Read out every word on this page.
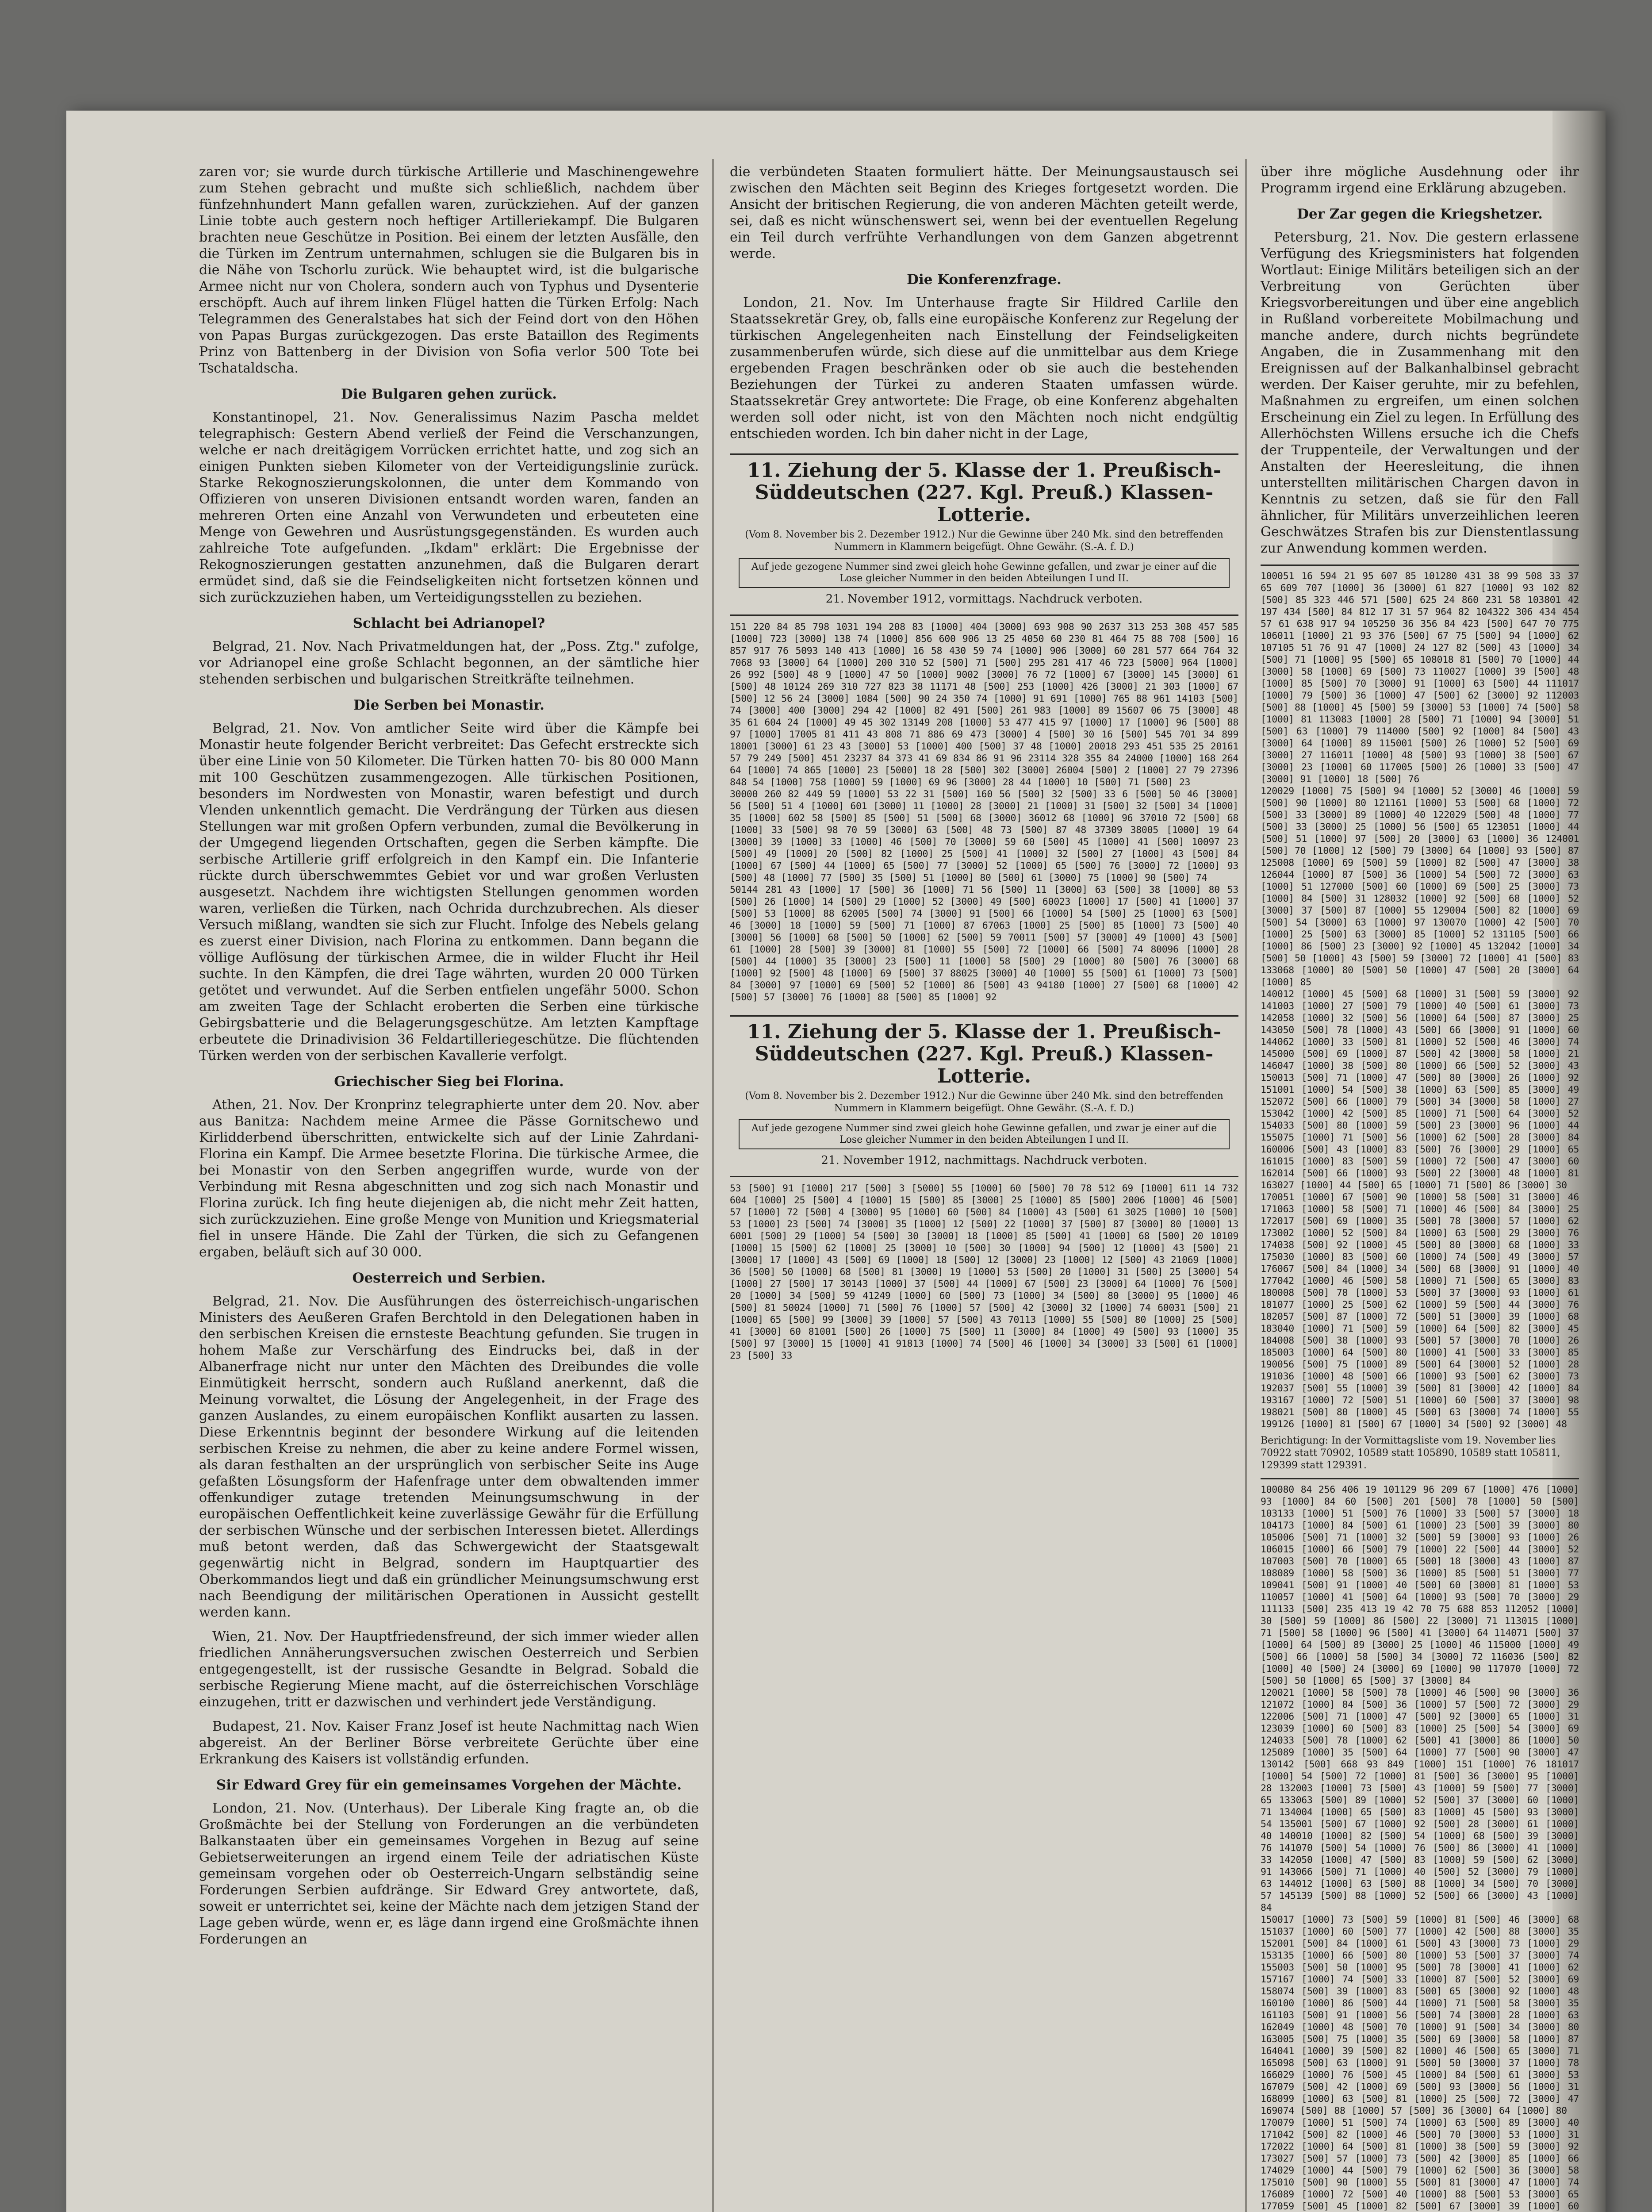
zaren vor; sie wurde durch türkische Artillerie und Maschinengewehre zum Stehen gebracht und mußte sich schließlich, nachdem über fünfzehnhundert Mann gefallen waren, zurückziehen. Auf der ganzen Linie tobte auch gestern noch heftiger Artilleriekampf. Die Bulgaren brachten neue Geschütze in Position. Bei einem der letzten Ausfälle, den die Türken im Zentrum unternahmen, schlugen sie die Bulgaren bis in die Nähe von Tschorlu zurück. Wie behauptet wird, ist die bulgarische Armee nicht nur von Cholera, sondern auch von Typhus und Dysenterie erschöpft. Auch auf ihrem linken Flügel hatten die Türken Erfolg: Nach Telegrammen des Generalstabes hat sich der Feind dort von den Höhen von Papas Burgas zurückgezogen. Das erste Bataillon des Regiments Prinz von Battenberg in der Division von Sofia verlor 500 Tote bei Tschataldscha.

Die Bulgaren gehen zurück.

Konstantinopel, 21. Nov. Generalissimus Nazim Pascha meldet telegraphisch: Gestern Abend verließ der Feind die Verschanzungen, welche er nach dreitägigem Vorrücken errichtet hatte, und zog sich an einigen Punkten sieben Kilometer von der Verteidigungslinie zurück. Starke Rekognoszierungskolonnen, die unter dem Kommando von Offizieren von unseren Divisionen entsandt worden waren, fanden an mehreren Orten eine Anzahl von Verwundeten und erbeuteten eine Menge von Gewehren und Ausrüstungsgegenständen. Es wurden auch zahlreiche Tote aufgefunden. „Ikdam" erklärt: Die Ergebnisse der Rekognoszierungen gestatten anzunehmen, daß die Bulgaren derart ermüdet sind, daß sie die Feindseligkeiten nicht fortsetzen können und sich zurückzuziehen haben, um Verteidigungsstellen zu beziehen.

Schlacht bei Adrianopel?

Belgrad, 21. Nov. Nach Privatmeldungen hat, der „Poss. Ztg." zufolge, vor Adrianopel eine große Schlacht begonnen, an der sämtliche hier stehenden serbischen und bulgarischen Streitkräfte teilnehmen.

Die Serben bei Monastir.

Belgrad, 21. Nov. Von amtlicher Seite wird über die Kämpfe bei Monastir heute folgender Bericht verbreitet: Das Gefecht erstreckte sich über eine Linie von 50 Kilometer. Die Türken hatten 70- bis 80 000 Mann mit 100 Geschützen zusammengezogen. Alle türkischen Positionen, besonders im Nordwesten von Monastir, waren befestigt und durch Vlenden unkenntlich gemacht. Die Verdrängung der Türken aus diesen Stellungen war mit großen Opfern verbunden, zumal die Bevölkerung in der Umgegend liegenden Ortschaften, gegen die Serben kämpfte. Die serbische Artillerie griff erfolgreich in den Kampf ein. Die Infanterie rückte durch überschwemmtes Gebiet vor und war großen Verlusten ausgesetzt. Nachdem ihre wichtigsten Stellungen genommen worden waren, verließen die Türken, nach Ochrida durchzubrechen. Als dieser Versuch mißlang, wandten sie sich zur Flucht. Infolge des Nebels gelang es zuerst einer Division, nach Florina zu entkommen. Dann begann die völlige Auflösung der türkischen Armee, die in wilder Flucht ihr Heil suchte. In den Kämpfen, die drei Tage währten, wurden 20 000 Türken getötet und verwundet. Auf die Serben entfielen ungefähr 5000. Schon am zweiten Tage der Schlacht eroberten die Serben eine türkische Gebirgsbatterie und die Belagerungsgeschütze. Am letzten Kampftage erbeutete die Drinadivision 36 Feldartilleriegeschütze. Die flüchtenden Türken werden von der serbischen Kavallerie verfolgt.

Griechischer Sieg bei Florina.

Athen, 21. Nov. Der Kronprinz telegraphierte unter dem 20. Nov. aber aus Banitza: Nachdem meine Armee die Pässe Gornitschewo und Kirlidderbend überschritten, entwickelte sich auf der Linie Zahrdani-Florina ein Kampf. Die Armee besetzte Florina. Die türkische Armee, die bei Monastir von den Serben angegriffen wurde, wurde von der Verbindung mit Resna abgeschnitten und zog sich nach Monastir und Florina zurück. Ich fing heute diejenigen ab, die nicht mehr Zeit hatten, sich zurückzuziehen. Eine große Menge von Munition und Kriegsmaterial fiel in unsere Hände. Die Zahl der Türken, die sich zu Gefangenen ergaben, beläuft sich auf 30 000.

Oesterreich und Serbien.

Belgrad, 21. Nov. Die Ausführungen des österreichisch-ungarischen Ministers des Aeußeren Grafen Berchtold in den Delegationen haben in den serbischen Kreisen die ernsteste Beachtung gefunden. Sie trugen in hohem Maße zur Verschärfung des Eindrucks bei, daß in der Albanerfrage nicht nur unter den Mächten des Dreibundes die volle Einmütigkeit herrscht, sondern auch Rußland anerkennt, daß die Meinung vorwaltet, die Lösung der Angelegenheit, in der Frage des ganzen Auslandes, zu einem europäischen Konflikt ausarten zu lassen. Diese Erkenntnis beginnt der besondere Wirkung auf die leitenden serbischen Kreise zu nehmen, die aber zu keine andere Formel wissen, als daran festhalten an der ursprünglich von serbischer Seite ins Auge gefaßten Lösungsform der Hafenfrage unter dem obwaltenden immer offenkundiger zutage tretenden Meinungsumschwung in der europäischen Oeffentlichkeit keine zuverlässige Gewähr für die Erfüllung der serbischen Wünsche und der serbischen Interessen bietet. Allerdings muß betont werden, daß das Schwergewicht der Staatsgewalt gegenwärtig nicht in Belgrad, sondern im Hauptquartier des Oberkommandos liegt und daß ein gründlicher Meinungsumschwung erst nach Beendigung der militärischen Operationen in Aussicht gestellt werden kann.

Wien, 21. Nov. Der Hauptfriedensfreund, der sich immer wieder allen friedlichen Annäherungsversuchen zwischen Oesterreich und Serbien entgegengestellt, ist der russische Gesandte in Belgrad. Sobald die serbische Regierung Miene macht, auf die österreichischen Vorschläge einzugehen, tritt er dazwischen und verhindert jede Verständigung.

Budapest, 21. Nov. Kaiser Franz Josef ist heute Nachmittag nach Wien abgereist. An der Berliner Börse verbreitete Gerüchte über eine Erkrankung des Kaisers ist vollständig erfunden.

Sir Edward Grey für ein gemeinsames Vorgehen der Mächte.

London, 21. Nov. (Unterhaus). Der Liberale King fragte an, ob die Großmächte bei der Stellung von Forderungen an die verbündeten Balkanstaaten über ein gemeinsames Vorgehen in Bezug auf seine Gebietserweiterungen an irgend einem Teile der adriatischen Küste gemeinsam vorgehen oder ob Oesterreich-Ungarn selbständig seine Forderungen Serbien aufdränge. Sir Edward Grey antwortete, daß, soweit er unterrichtet sei, keine der Mächte nach dem jetzigen Stand der Lage geben würde, wenn er, es läge dann irgend eine Großmächte ihnen Forderungen an

die verbündeten Staaten formuliert hätte. Der Meinungsaustausch sei zwischen den Mächten seit Beginn des Krieges fortgesetzt worden. Die Ansicht der britischen Regierung, die von anderen Mächten geteilt werde, sei, daß es nicht wünschenswert sei, wenn bei der eventuellen Regelung ein Teil durch verfrühte Verhandlungen von dem Ganzen abgetrennt werde.

Die Konferenzfrage.

London, 21. Nov. Im Unterhause fragte Sir Hildred Carlile den Staatssekretär Grey, ob, falls eine europäische Konferenz zur Regelung der türkischen Angelegenheiten nach Einstellung der Feindseligkeiten zusammenberufen würde, sich diese auf die unmittelbar aus dem Kriege ergebenden Fragen beschränken oder ob sie auch die bestehenden Beziehungen der Türkei zu anderen Staaten umfassen würde. Staatssekretär Grey antwortete: Die Frage, ob eine Konferenz abgehalten werden soll oder nicht, ist von den Mächten noch nicht endgültig entschieden worden. Ich bin daher nicht in der Lage,

11. Ziehung der 5. Klasse der 1. Preußisch-Süddeutschen (227. Kgl. Preuß.) Klassen-Lotterie.
(Vom 8. November bis 2. Dezember 1912.) Nur die Gewinne über 240 Mk. sind den betreffenden Nummern in Klammern beigefügt. Ohne Gewähr. (S.-A. f. D.)
Auf jede gezogene Nummer sind zwei gleich hohe Gewinne gefallen, und zwar je einer auf die Lose gleicher Nummer in den beiden Abteilungen I und II.
21. November 1912, vormittags. Nachdruck verboten.
151 220 84 85 798 1031 194 208 83 [1000] 404 [3000] 693 908 90 2637 313 253 308 457 585 [1000] 723 [3000] 138 74 [1000] 856 600 906 13 25 4050 60 230 81 464 75 88 708 [500] 16 857 917 76 5093 140 413 [1000] 16 58 430 59 74 [1000] 906 [3000] 60 281 577 664 764 32 7068 93 [3000] 64 [1000] 200 310 52 [500] 71 [500] 295 281 417 46 723 [5000] 964 [1000] 26 992 [500] 48 9 [1000] 47 50 [1000] 9002 [3000] 76 72 [1000] 67 [3000] 145 [3000] 61 [500] 48 10124 269 310 727 823 38 11171 48 [500] 253 [1000] 426 [3000] 21 303 [1000] 67 [500] 12 56 24 [3000] 1084 [500] 90 24 350 74 [1000] 91 691 [1000] 765 88 961 14103 [500] 74 [3000] 400 [3000] 294 42 [1000] 82 491 [500] 261 983 [1000] 89 15607 06 75 [3000] 48 35 61 604 24 [1000] 49 45 302 13149 208 [1000] 53 477 415 97 [1000] 17 [1000] 96 [500] 88 97 [1000] 17005 81 411 43 808 71 886 69 473 [3000] 4 [500] 30 16 [500] 545 701 34 899 18001 [3000] 61 23 43 [3000] 53 [1000] 400 [500] 37 48 [1000] 20018 293 451 535 25 20161 57 79 249 [500] 451 23237 84 373 41 69 834 86 91 96 23114 328 355 84 24000 [1000] 168 264 64 [1000] 74 865 [1000] 23 [5000] 18 28 [500] 302 [3000] 26004 [500] 2 [1000] 27 79 27396 848 54 [1000] 758 [1000] 59 [1000] 69 96 [3000] 28 44 [1000] 10 [500] 71 [500] 23
30000 260 82 449 59 [1000] 53 22 31 [500] 160 56 [500] 32 [500] 33 6 [500] 50 46 [3000] 56 [500] 51 4 [1000] 601 [3000] 11 [1000] 28 [3000] 21 [1000] 31 [500] 32 [500] 34 [1000] 35 [1000] 602 58 [500] 85 [500] 51 [500] 68 [3000] 36012 68 [1000] 96 37010 72 [500] 68 [1000] 33 [500] 98 70 59 [3000] 63 [500] 48 73 [500] 87 48 37309 38005 [1000] 19 64 [3000] 39 [1000] 33 [1000] 46 [500] 70 [3000] 59 60 [500] 45 [1000] 41 [500] 10097 23 [500] 49 [1000] 20 [500] 82 [1000] 25 [500] 41 [1000] 32 [500] 27 [1000] 43 [500] 84 [1000] 67 [500] 44 [1000] 65 [500] 77 [3000] 52 [1000] 65 [500] 76 [3000] 72 [1000] 93 [500] 48 [1000] 77 [500] 35 [500] 51 [1000] 80 [500] 61 [3000] 75 [1000] 90 [500] 74
50144 281 43 [1000] 17 [500] 36 [1000] 71 56 [500] 11 [3000] 63 [500] 38 [1000] 80 53 [500] 26 [1000] 14 [500] 29 [1000] 52 [3000] 49 [500] 60023 [1000] 17 [500] 41 [1000] 37 [500] 53 [1000] 88 62005 [500] 74 [3000] 91 [500] 66 [1000] 54 [500] 25 [1000] 63 [500] 46 [3000] 18 [1000] 59 [500] 71 [1000] 87 67063 [1000] 25 [500] 85 [1000] 73 [500] 40 [3000] 56 [1000] 68 [500] 50 [1000] 62 [500] 59 70011 [500] 57 [3000] 49 [1000] 43 [500] 61 [1000] 28 [500] 39 [3000] 81 [1000] 55 [500] 72 [1000] 66 [500] 74 80096 [1000] 28 [500] 44 [1000] 35 [3000] 23 [500] 11 [1000] 58 [500] 29 [1000] 80 [500] 76 [3000] 68 [1000] 92 [500] 48 [1000] 69 [500] 37 88025 [3000] 40 [1000] 55 [500] 61 [1000] 73 [500] 84 [3000] 97 [1000] 69 [500] 52 [1000] 86 [500] 43 94180 [1000] 27 [500] 68 [1000] 42 [500] 57 [3000] 76 [1000] 88 [500] 85 [1000] 92
11. Ziehung der 5. Klasse der 1. Preußisch-Süddeutschen (227. Kgl. Preuß.) Klassen-Lotterie.
(Vom 8. November bis 2. Dezember 1912.) Nur die Gewinne über 240 Mk. sind den betreffenden Nummern in Klammern beigefügt. Ohne Gewähr. (S.-A. f. D.)
Auf jede gezogene Nummer sind zwei gleich hohe Gewinne gefallen, und zwar je einer auf die Lose gleicher Nummer in den beiden Abteilungen I und II.
21. November 1912, nachmittags. Nachdruck verboten.
53 [500] 91 [1000] 217 [500] 3 [5000] 55 [1000] 60 [500] 70 78 512 69 [1000] 611 14 732 604 [1000] 25 [500] 4 [1000] 15 [500] 85 [3000] 25 [1000] 85 [500] 2006 [1000] 46 [500] 57 [1000] 72 [500] 4 [3000] 95 [1000] 60 [500] 84 [1000] 43 [500] 61 3025 [1000] 10 [500] 53 [1000] 23 [500] 74 [3000] 35 [1000] 12 [500] 22 [1000] 37 [500] 87 [3000] 80 [1000] 13 6001 [500] 29 [1000] 54 [500] 30 [3000] 18 [1000] 85 [500] 41 [1000] 68 [500] 20 10109 [1000] 15 [500] 62 [1000] 25 [3000] 10 [500] 30 [1000] 94 [500] 12 [1000] 43 [500] 21 [3000] 17 [1000] 43 [500] 69 [1000] 18 [500] 12 [3000] 23 [1000] 12 [500] 43 21069 [1000] 36 [500] 50 [1000] 68 [500] 81 [3000] 19 [1000] 53 [500] 20 [1000] 31 [500] 25 [3000] 54 [1000] 27 [500] 17 30143 [1000] 37 [500] 44 [1000] 67 [500] 23 [3000] 64 [1000] 76 [500] 20 [1000] 34 [500] 59 41249 [1000] 60 [500] 73 [1000] 34 [500] 80 [3000] 95 [1000] 46 [500] 81 50024 [1000] 71 [500] 76 [1000] 57 [500] 42 [3000] 32 [1000] 74 60031 [500] 21 [1000] 65 [500] 99 [3000] 39 [1000] 57 [500] 43 70113 [1000] 55 [500] 80 [1000] 25 [500] 41 [3000] 60 81001 [500] 26 [1000] 75 [500] 11 [3000] 84 [1000] 49 [500] 93 [1000] 35 [500] 97 [3000] 15 [1000] 41 91813 [1000] 74 [500] 46 [1000] 34 [3000] 33 [500] 61 [1000] 23 [500] 33

über ihre mögliche Ausdehnung oder ihr Programm irgend eine Erklärung abzugeben.

Der Zar gegen die Kriegshetzer.

Petersburg, 21. Nov. Die gestern erlassene Verfügung des Kriegsministers hat folgenden Wortlaut: Einige Militärs beteiligen sich an der Verbreitung von Gerüchten über Kriegsvorbereitungen und über eine angeblich in Rußland vorbereitete Mobilmachung und manche andere, durch nichts begründete Angaben, die in Zusammenhang mit den Ereignissen auf der Balkanhalbinsel gebracht werden. Der Kaiser geruhte, mir zu befehlen, Maßnahmen zu ergreifen, um einen solchen Erscheinung ein Ziel zu legen. In Erfüllung des Allerhöchsten Willens ersuche ich die Chefs der Truppenteile, der Verwaltungen und der Anstalten der Heeresleitung, die ihnen unterstellten militärischen Chargen davon in Kenntnis zu setzen, daß sie für den Fall ähnlicher, für Militärs unverzeihlichen leeren Geschwätzes Strafen bis zur Dienstentlassung zur Anwendung kommen werden.

100051 16 594 21 95 607 85 101280 431 38 99 508 33 37 65 609 707 [1000] 36 [3000] 61 827 [1000] 93 102 82 [500] 85 323 446 571 [500] 625 24 860 231 58 103801 42 197 434 [500] 84 812 17 31 57 964 82 104322 306 434 454 57 61 638 917 94 105250 36 356 84 423 [500] 647 70 775 106011 [1000] 21 93 376 [500] 67 75 [500] 94 [1000] 62 107105 51 76 91 47 [1000] 24 127 82 [500] 43 [1000] 34 [500] 71 [1000] 95 [500] 65 108018 81 [500] 70 [1000] 44 [3000] 58 [1000] 69 [500] 73 110027 [1000] 39 [500] 48 [1000] 85 [500] 70 [3000] 91 [1000] 63 [500] 44 111017 [1000] 79 [500] 36 [1000] 47 [500] 62 [3000] 92 112003 [500] 88 [1000] 45 [500] 59 [3000] 53 [1000] 74 [500] 58 [1000] 81 113083 [1000] 28 [500] 71 [1000] 94 [3000] 51 [500] 63 [1000] 79 114000 [500] 92 [1000] 84 [500] 43 [3000] 64 [1000] 89 115001 [500] 26 [1000] 52 [500] 69 [3000] 27 116011 [1000] 48 [500] 93 [1000] 38 [500] 67 [3000] 23 [1000] 60 117005 [500] 26 [1000] 33 [500] 47 [3000] 91 [1000] 18 [500] 76
120029 [1000] 75 [500] 94 [1000] 52 [3000] 46 [1000] 59 [500] 90 [1000] 80 121161 [1000] 53 [500] 68 [1000] 72 [500] 33 [3000] 89 [1000] 40 122029 [500] 48 [1000] 77 [500] 33 [3000] 25 [1000] 56 [500] 65 123051 [1000] 44 [500] 51 [1000] 97 [500] 20 [3000] 63 [1000] 36 124001 [500] 70 [1000] 12 [500] 79 [3000] 64 [1000] 93 [500] 87 125008 [1000] 69 [500] 59 [1000] 82 [500] 47 [3000] 38 126044 [1000] 87 [500] 36 [1000] 54 [500] 72 [3000] 63 [1000] 51 127000 [500] 60 [1000] 69 [500] 25 [3000] 73 [1000] 84 [500] 31 128032 [1000] 92 [500] 68 [1000] 52 [3000] 37 [500] 87 [1000] 55 129004 [500] 82 [1000] 69 [500] 54 [3000] 63 [1000] 97 130070 [1000] 42 [500] 70 [1000] 25 [500] 63 [3000] 85 [1000] 52 131105 [500] 66 [1000] 86 [500] 23 [3000] 92 [1000] 45 132042 [1000] 34 [500] 50 [1000] 43 [500] 59 [3000] 72 [1000] 41 [500] 83 133068 [1000] 80 [500] 50 [1000] 47 [500] 20 [3000] 64 [1000] 85
140012 [1000] 45 [500] 68 [1000] 31 [500] 59 [3000] 92 141003 [1000] 27 [500] 79 [1000] 40 [500] 61 [3000] 73 142058 [1000] 32 [500] 56 [1000] 64 [500] 87 [3000] 25 143050 [500] 78 [1000] 43 [500] 66 [3000] 91 [1000] 60 144062 [1000] 33 [500] 81 [1000] 52 [500] 46 [3000] 74 145000 [500] 69 [1000] 87 [500] 42 [3000] 58 [1000] 21 146047 [1000] 38 [500] 80 [1000] 66 [500] 52 [3000] 43 150013 [500] 71 [1000] 47 [500] 80 [3000] 26 [1000] 92 151001 [1000] 54 [500] 38 [1000] 63 [500] 85 [3000] 49 152072 [500] 66 [1000] 79 [500] 34 [3000] 58 [1000] 27 153042 [1000] 42 [500] 85 [1000] 71 [500] 64 [3000] 52 154033 [500] 80 [1000] 59 [500] 23 [3000] 96 [1000] 44 155075 [1000] 71 [500] 56 [1000] 62 [500] 28 [3000] 84 160006 [500] 43 [1000] 83 [500] 76 [3000] 29 [1000] 65 161015 [1000] 83 [500] 59 [1000] 72 [500] 47 [3000] 60 162014 [500] 66 [1000] 93 [500] 22 [3000] 48 [1000] 81 163027 [1000] 44 [500] 65 [1000] 71 [500] 86 [3000] 30
170051 [1000] 67 [500] 90 [1000] 58 [500] 31 [3000] 46 171063 [1000] 58 [500] 71 [1000] 46 [500] 84 [3000] 25 172017 [500] 69 [1000] 35 [500] 78 [3000] 57 [1000] 62 173002 [1000] 52 [500] 84 [1000] 63 [500] 29 [3000] 76 174038 [500] 92 [1000] 45 [500] 80 [3000] 68 [1000] 33 175030 [1000] 83 [500] 60 [1000] 74 [500] 49 [3000] 57 176067 [500] 84 [1000] 34 [500] 68 [3000] 91 [1000] 40 177042 [1000] 46 [500] 58 [1000] 71 [500] 65 [3000] 83 180008 [500] 78 [1000] 53 [500] 37 [3000] 93 [1000] 61 181077 [1000] 25 [500] 62 [1000] 59 [500] 44 [3000] 76 182057 [500] 87 [1000] 72 [500] 51 [3000] 39 [1000] 68 183040 [1000] 71 [500] 59 [1000] 64 [500] 82 [3000] 45 184008 [500] 38 [1000] 93 [500] 57 [3000] 70 [1000] 26 185003 [1000] 64 [500] 80 [1000] 41 [500] 33 [3000] 85 190056 [500] 75 [1000] 89 [500] 64 [3000] 52 [1000] 28 191036 [1000] 48 [500] 66 [1000] 93 [500] 62 [3000] 73 192037 [500] 55 [1000] 39 [500] 81 [3000] 42 [1000] 84 193167 [1000] 72 [500] 51 [1000] 60 [500] 37 [3000] 98 198021 [500] 80 [1000] 45 [500] 63 [3000] 74 [1000] 55 199126 [1000] 81 [500] 67 [1000] 34 [500] 92 [3000] 48
Berichtigung: In der Vormittagsliste vom 19. November lies 70922 statt 70902, 10589 statt 105890, 10589 statt 105811, 129399 statt 129391.
100080 84 256 406 19 101129 96 209 67 [1000] 476 [1000] 93 [1000] 84 60 [500] 201 [500] 78 [1000] 50 [500] 103133 [1000] 51 [500] 76 [1000] 33 [500] 57 [3000] 18 104173 [1000] 84 [500] 61 [1000] 23 [500] 39 [3000] 80 105006 [500] 71 [1000] 32 [500] 59 [3000] 93 [1000] 26 106015 [1000] 66 [500] 79 [1000] 22 [500] 44 [3000] 52 107003 [500] 70 [1000] 65 [500] 18 [3000] 43 [1000] 87 108089 [1000] 58 [500] 36 [1000] 85 [500] 51 [3000] 77 109041 [500] 91 [1000] 40 [500] 60 [3000] 81 [1000] 53 110057 [1000] 41 [500] 64 [1000] 93 [500] 70 [3000] 29 111133 [500] 235 413 19 42 70 75 688 853 112052 [1000] 30 [500] 59 [1000] 86 [500] 22 [3000] 71 113015 [1000] 71 [500] 58 [1000] 96 [500] 41 [3000] 64 114071 [500] 37 [1000] 64 [500] 89 [3000] 25 [1000] 46 115000 [1000] 49 [500] 66 [1000] 58 [500] 34 [3000] 72 116036 [500] 82 [1000] 40 [500] 24 [3000] 69 [1000] 90 117070 [1000] 72 [500] 50 [1000] 65 [500] 37 [3000] 84
120021 [1000] 58 [500] 78 [1000] 46 [500] 90 [3000] 36 121072 [1000] 84 [500] 36 [1000] 57 [500] 72 [3000] 29 122006 [500] 71 [1000] 47 [500] 92 [3000] 65 [1000] 31 123039 [1000] 60 [500] 83 [1000] 25 [500] 54 [3000] 69 124033 [500] 78 [1000] 62 [500] 41 [3000] 86 [1000] 50 125089 [1000] 35 [500] 64 [1000] 77 [500] 90 [3000] 47 130142 [500] 668 93 849 [1000] 151 [1000] 76 181017 [1000] 54 [500] 72 [1000] 81 [500] 36 [3000] 95 [1000] 28 132003 [1000] 73 [500] 43 [1000] 59 [500] 77 [3000] 65 133063 [500] 89 [1000] 52 [500] 37 [3000] 60 [1000] 71 134004 [1000] 65 [500] 83 [1000] 45 [500] 93 [3000] 54 135001 [500] 67 [1000] 92 [500] 28 [3000] 61 [1000] 40 140010 [1000] 82 [500] 54 [1000] 68 [500] 39 [3000] 76 141070 [500] 54 [1000] 76 [500] 86 [3000] 41 [1000] 33 142050 [1000] 47 [500] 83 [1000] 59 [500] 62 [3000] 91 143066 [500] 71 [1000] 40 [500] 52 [3000] 79 [1000] 63 144012 [1000] 63 [500] 88 [1000] 34 [500] 70 [3000] 57 145139 [500] 88 [1000] 52 [500] 66 [3000] 43 [1000] 84
150017 [1000] 73 [500] 59 [1000] 81 [500] 46 [3000] 68 151037 [1000] 60 [500] 77 [1000] 42 [500] 88 [3000] 35 152001 [500] 84 [1000] 61 [500] 43 [3000] 73 [1000] 29 153135 [1000] 66 [500] 80 [1000] 53 [500] 37 [3000] 74 155003 [500] 50 [1000] 95 [500] 78 [3000] 41 [1000] 62 157167 [1000] 74 [500] 33 [1000] 87 [500] 52 [3000] 69 158074 [500] 39 [1000] 83 [500] 65 [3000] 92 [1000] 48 160100 [1000] 86 [500] 44 [1000] 71 [500] 58 [3000] 35 161103 [500] 91 [1000] 56 [500] 74 [3000] 28 [1000] 63 162049 [1000] 48 [500] 70 [1000] 91 [500] 34 [3000] 80 163005 [500] 75 [1000] 35 [500] 69 [3000] 58 [1000] 87 164041 [1000] 39 [500] 82 [1000] 46 [500] 65 [3000] 71 165098 [500] 63 [1000] 91 [500] 50 [3000] 37 [1000] 78 166029 [1000] 76 [500] 45 [1000] 84 [500] 61 [3000] 53 167079 [500] 42 [1000] 69 [500] 93 [3000] 56 [1000] 31 168099 [1000] 63 [500] 81 [1000] 25 [500] 72 [3000] 47 169074 [500] 88 [1000] 57 [500] 36 [3000] 64 [1000] 80
170079 [1000] 51 [500] 74 [1000] 63 [500] 89 [3000] 40 171042 [500] 82 [1000] 46 [500] 70 [3000] 53 [1000] 31 172022 [1000] 64 [500] 81 [1000] 38 [500] 59 [3000] 92 173027 [500] 57 [1000] 73 [500] 42 [3000] 85 [1000] 66 174029 [1000] 44 [500] 79 [1000] 62 [500] 36 [3000] 58 175010 [500] 90 [1000] 55 [500] 81 [3000] 47 [1000] 74 176089 [1000] 72 [500] 40 [1000] 88 [500] 53 [3000] 65 177059 [500] 45 [1000] 82 [500] 67 [3000] 39 [1000] 60
